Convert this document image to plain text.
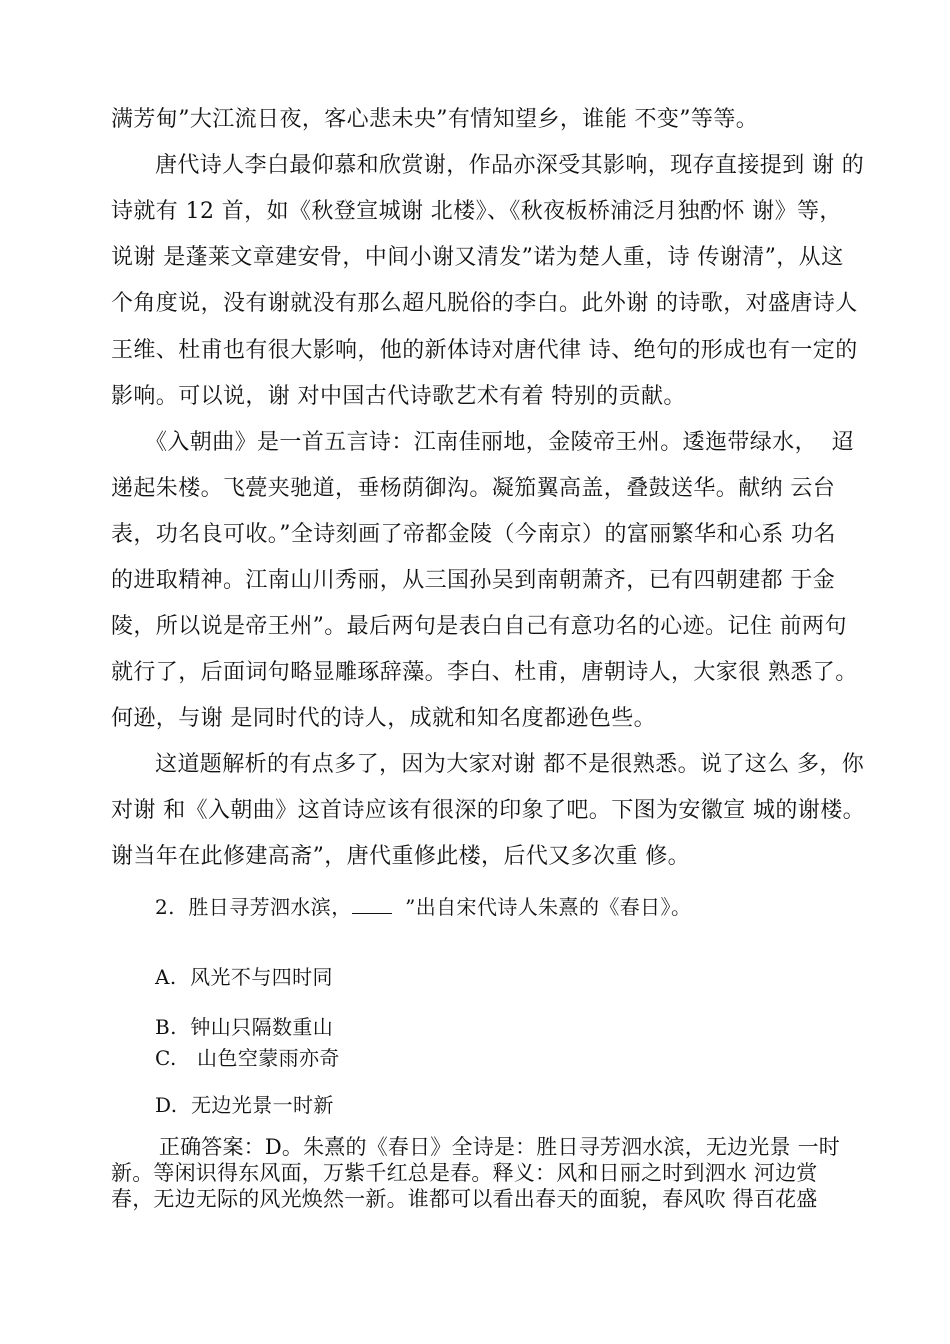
满芳甸”大江流日夜，客心悲未央”有情知望乡，谁能 不变”等等。
唐代诗人李白最仰慕和欣赏谢，作品亦深受其影响，现存直接提到 谢 的
诗就有 12 首，如《秋登宣城谢 北楼》、《秋夜板桥浦泛月独酌怀 谢》等，
说谢 是蓬莱文章建安骨，中间小谢又清发”诺为楚人重，诗 传谢清”，从这
个角度说，没有谢就没有那么超凡脱俗的李白。此外谢 的诗歌，对盛唐诗人
王维、杜甫也有很大影响，他的新体诗对唐代律 诗、绝句的形成也有一定的
影响。可以说，谢 对中国古代诗歌艺术有着 特别的贡献。
《入朝曲》是一首五言诗：江南佳丽地，金陵帝王州。逶迤带绿水，  迢
递起朱楼。飞甍夹驰道，垂杨荫御沟。凝笳翼高盖，叠鼓送华。献纳 云台
表，功名良可收。”全诗刻画了帝都金陵（今南京）的富丽繁华和心系 功名
的进取精神。江南山川秀丽，从三国孙吴到南朝萧齐，已有四朝建都 于金
陵，所以说是帝王州”。最后两句是表白自己有意功名的心迹。记住 前两句
就行了，后面词句略显雕琢辞藻。李白、杜甫，唐朝诗人，大家很 熟悉了。
何逊，与谢 是同时代的诗人，成就和知名度都逊色些。
这道题解析的有点多了，因为大家对谢 都不是很熟悉。说了这么 多，你
对谢 和《入朝曲》这首诗应该有很深的印象了吧。下图为安徽宣 城的谢楼。
谢当年在此修建高斋”，唐代重修此楼，后代又多次重 修。
2.  胜日寻芳泗水滨，  ”出自宋代诗人朱熹的《春日》。
A.  风光不与四时同
B.  钟山只隔数重山
C.   山色空蒙雨亦奇
D.  无边光景一时新
正确答案：D。朱熹的《春日》全诗是：胜日寻芳泗水滨，无边光景 一时
新。等闲识得东风面，万紫千红总是春。释义：风和日丽之时到泗水 河边赏
春，无边无际的风光焕然一新。谁都可以看出春天的面貌，春风吹 得百花盛
